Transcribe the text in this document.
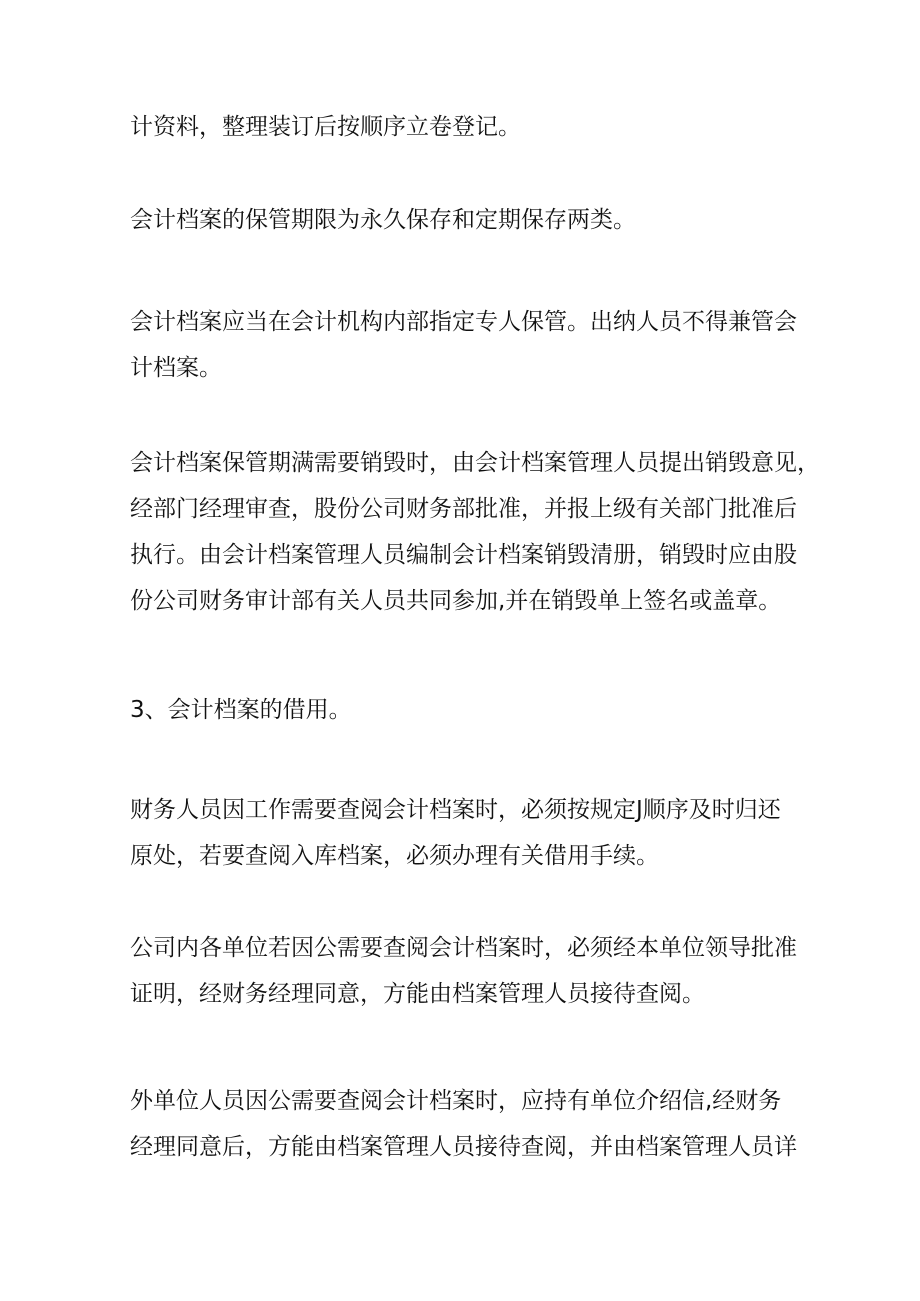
计资料，整理装订后按顺序立卷登记。

会计档案的保管期限为永久保存和定期保存两类。

会计档案应当在会计机构内部指定专人保管。出纳人员不得兼管会
计档案。

会计档案保管期满需要销毁时，由会计档案管理人员提出销毁意见，
经部门经理审查，股份公司财务部批准，并报上级有关部门批准后
执行。由会计档案管理人员编制会计档案销毁清册，销毁时应由股
份公司财务审计部有关人员共同参加,并在销毁单上签名或盖章。

3、会计档案的借用。

财务人员因工作需要查阅会计档案时，必须按规定J顺序及时归还
原处，若要查阅入库档案，必须办理有关借用手续。

公司内各单位若因公需要查阅会计档案时，必须经本单位领导批准
证明，经财务经理同意，方能由档案管理人员接待查阅。

外单位人员因公需要查阅会计档案时，应持有单位介绍信,经财务
经理同意后，方能由档案管理人员接待查阅，并由档案管理人员详
